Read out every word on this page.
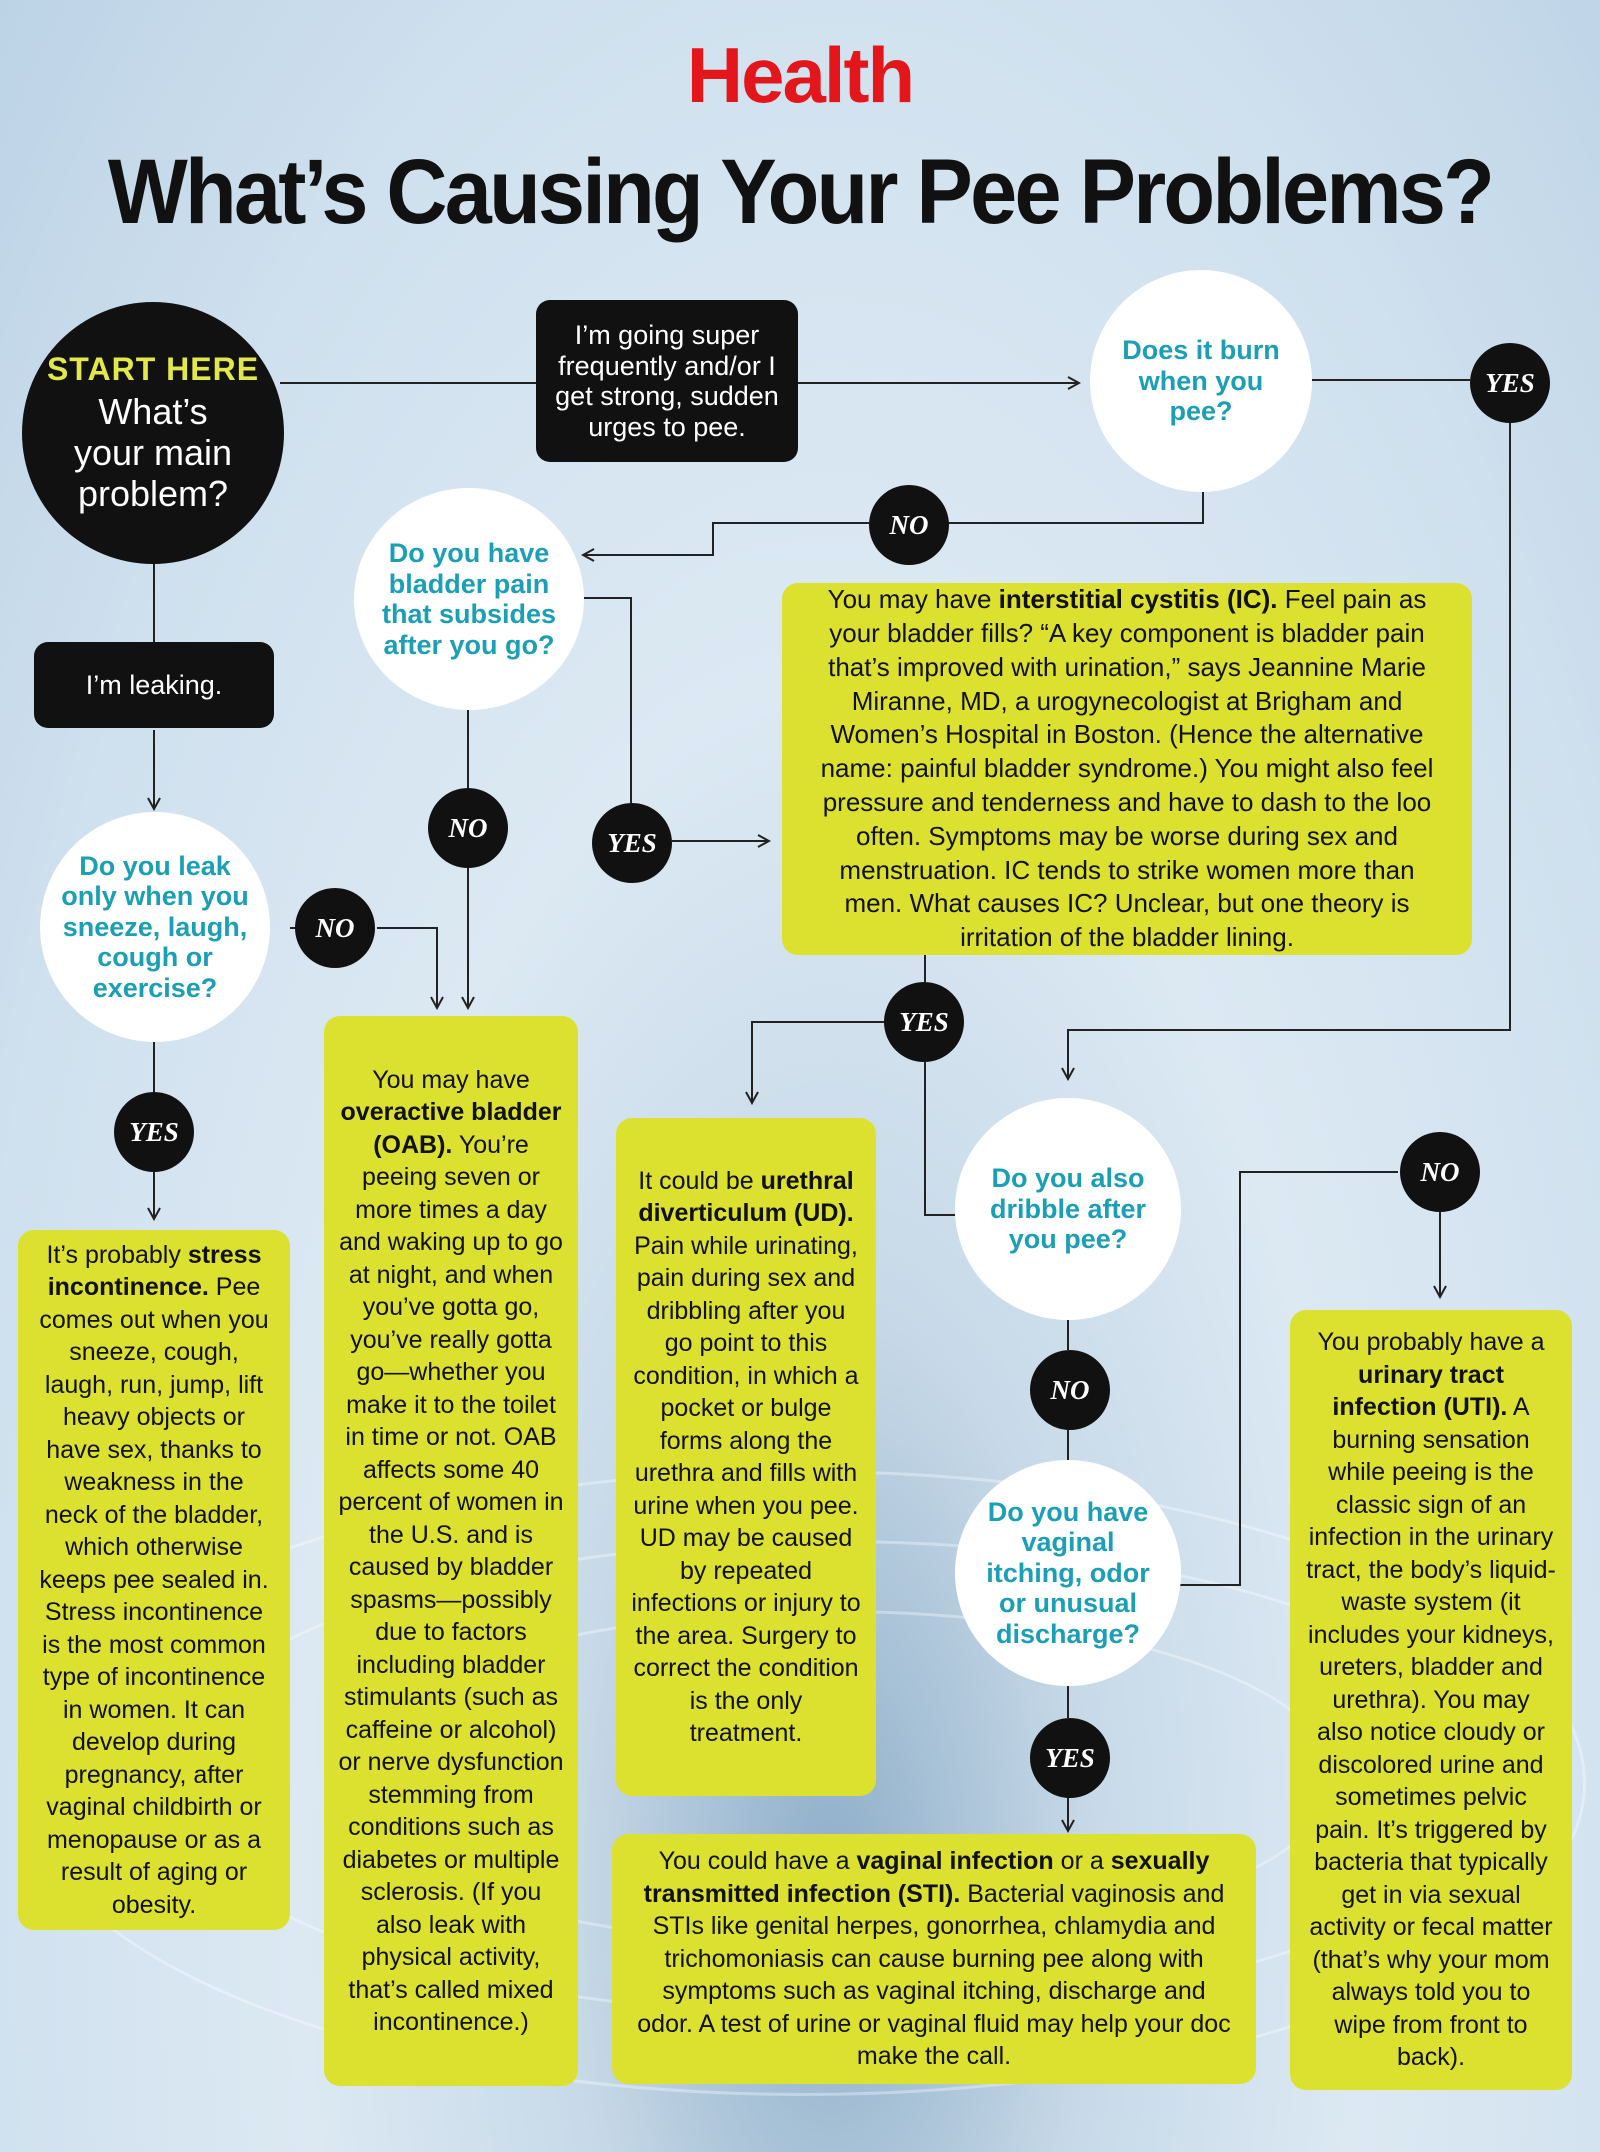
Health
What’s Causing Your Pee Problems?
START HERE
What’s your main problem?
I’m going super frequently and/or I get strong, sudden urges to pee.
I’m leaking.
Does it burn when you pee?
Do you have bladder pain that subsides after you go?
Do you leak only when you sneeze, laugh, cough or exercise?
Do you also dribble after you pee?
Do you have vaginal itching, odor or unusual discharge?
YES
NO
NO	YES
NO
YES
YES
NO
NO
YES

You may have interstitial cystitis (IC). Feel pain as your bladder fills? “A key component is bladder pain that’s improved with urination,” says Jeannine Marie Miranne, MD, a urogynecologist at Brigham and Women’s Hospital in Boston. (Hence the alternative name: painful bladder syndrome.) You might also feel pressure and tenderness and have to dash to the loo often. Symptoms may be worse during sex and menstruation. IC tends to strike women more than men. What causes IC? Unclear, but one theory is irritation of the bladder lining.

It’s probably stress incontinence. Pee comes out when you sneeze, cough, laugh, run, jump, lift heavy objects or have sex, thanks to weakness in the neck of the bladder, which otherwise keeps pee sealed in. Stress incontinence is the most common type of incontinence in women. It can develop during pregnancy, after vaginal childbirth or menopause or as a result of aging or obesity.

You may have overactive bladder (OAB). You’re peeing seven or more times a day and waking up to go at night, and when you’ve gotta go, you’ve really gotta go—whether you make it to the toilet in time or not. OAB affects some 40 percent of women in the U.S. and is caused by bladder spasms—possibly due to factors including bladder stimulants (such as caffeine or alcohol) or nerve dysfunction stemming from conditions such as diabetes or multiple sclerosis. (If you also leak with physical activity, that’s called mixed incontinence.)

It could be urethral diverticulum (UD). Pain while urinating, pain during sex and dribbling after you go point to this condition, in which a pocket or bulge forms along the urethra and fills with urine when you pee. UD may be caused by repeated infections or injury to the area. Surgery to correct the condition is the only treatment.

You probably have a urinary tract infection (UTI). A burning sensation while peeing is the classic sign of an infection in the urinary tract, the body’s liquid-waste system (it includes your kidneys, ureters, bladder and urethra). You may also notice cloudy or discolored urine and sometimes pelvic pain. It’s triggered by bacteria that typically get in via sexual activity or fecal matter (that’s why your mom always told you to wipe from front to back).

You could have a vaginal infection or a sexually transmitted infection (STI). Bacterial vaginosis and STIs like genital herpes, gonorrhea, chlamydia and trichomoniasis can cause burning pee along with symptoms such as vaginal itching, discharge and odor. A test of urine or vaginal fluid may help your doc make the call.
